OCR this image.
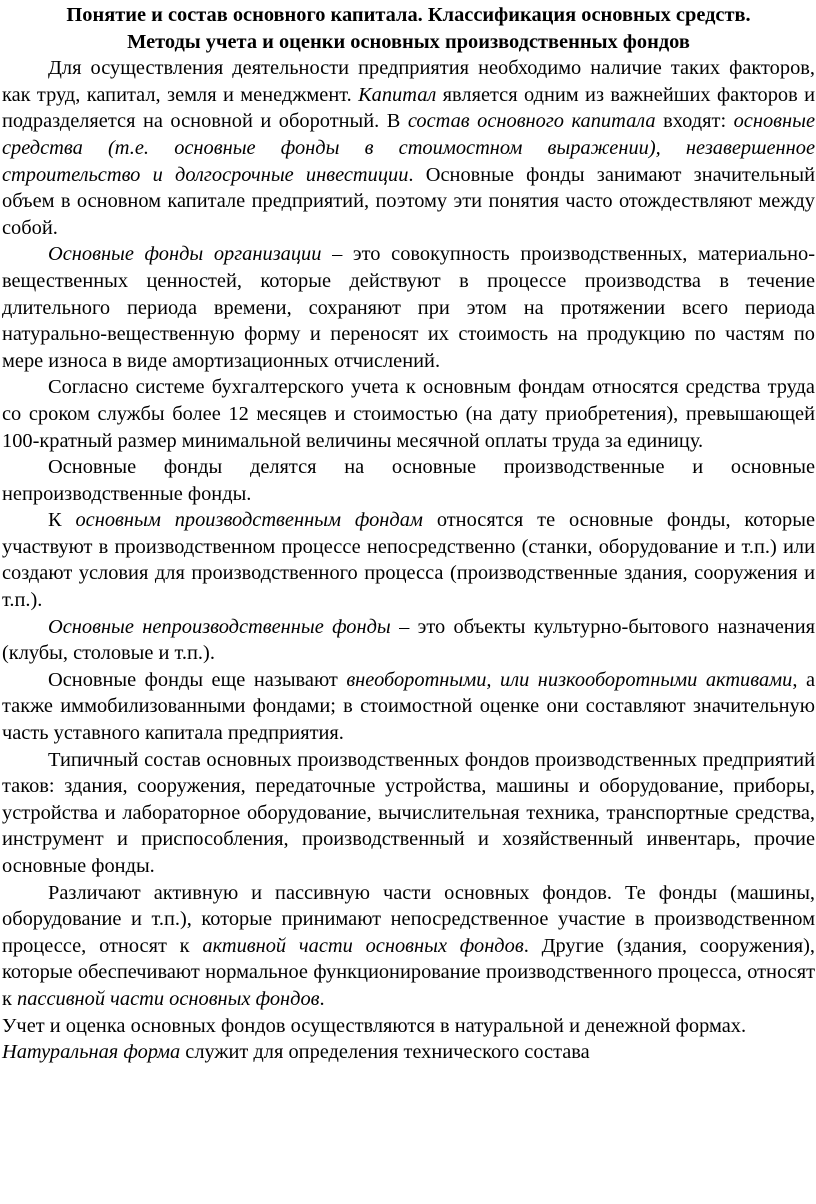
Понятие и состав основного капитала. Классификация основных средств.
Методы учета и оценки основных производственных фондов

Для осуществления деятельности предприятия необходимо наличие таких факторов, как труд, капитал, земля и менеджмент. Капитал является одним из важнейших факторов и подразделяется на основной и оборотный. В состав основного капитала входят: основные средства (т.е. основные фонды в стоимостном выражении), незавершенное строительство и долгосрочные инвестиции. Основные фонды занимают значительный объем в основном капитале предприятий, поэтому эти понятия часто отождествляют между собой.

Основные фонды организации – это совокупность производственных, материально-вещественных ценностей, которые действуют в процессе производства в течение длительного периода времени, сохраняют при этом на протяжении всего периода натурально-вещественную форму и переносят их стоимость на продукцию по частям по мере износа в виде амортизационных отчислений.

Согласно системе бухгалтерского учета к основным фондам относятся средства труда со сроком службы более 12 месяцев и стоимостью (на дату приобретения), превышающей 100-кратный размер минимальной величины месячной оплаты труда за единицу.

Основные фонды делятся на основные производственные и основные непроизводственные фонды.

К основным производственным фондам относятся те основные фонды, которые участвуют в производственном процессе непосредственно (станки, оборудование и т.п.) или создают условия для производственного процесса (производственные здания, сооружения и т.п.).

Основные непроизводственные фонды – это объекты культурно-бытового назначения (клубы, столовые и т.п.).

Основные фонды еще называют внеоборотными, или низкооборотными активами, а также иммобилизованными фондами; в стоимостной оценке они составляют значительную часть уставного капитала предприятия.

Типичный состав основных производственных фондов производственных предприятий таков: здания, сооружения, передаточные устройства, машины и оборудование, приборы, устройства и лабораторное оборудование, вычислительная техника, транспортные средства, инструмент и приспособления, производственный и хозяйственный инвентарь, прочие основные фонды.

Различают активную и пассивную части основных фондов. Те фонды (машины, оборудование и т.п.), которые принимают непосредственное участие в производственном процессе, относят к активной части основных фондов. Другие (здания, сооружения), которые обеспечивают нормальное функционирование производственного процесса, относят к пассивной части основных фондов.

Учет и оценка основных фондов осуществляются в натуральной и денежной формах. Натуральная форма служит для определения технического состава
